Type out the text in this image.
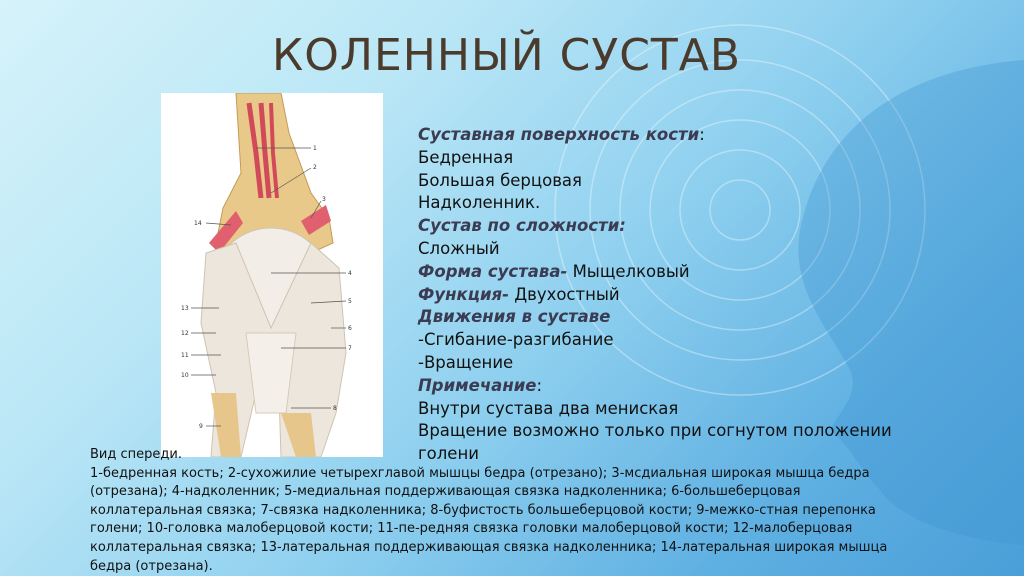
КОЛЕННЫЙ СУСТАВ
1
2
3
4
5
6
7
8
9
10
11
12
13
14
Суставная поверхность кости:
Бедренная
Большая берцовая
Надколенник.
Сустав по сложности:
Сложный
Форма сустава- Мыщелковый
Функция- Двухостный
Движения в суставе
-Сгибание-разгибание
-Вращение
Примечание:
Внутри сустава два мениская
Вращение возможно только при согнутом положении голени
Вид спереди.
1-бедренная кость; 2-сухожилие четырехглавой мышцы бедра (отрезано); 3-мсдиальная широкая мышца бедра (отрезана); 4-надколенник; 5-медиальная поддерживающая связка надколенника; 6-большеберцовая коллатеральная связка; 7-связка надколенника; 8-буфистость большеберцовой кости; 9-межко-стная перепонка голени; 10-головка малоберцовой кости; 11-пе-редняя связка головки малоберцовой кости; 12-малоберцовая коллатеральная связка; 13-латеральная поддерживающая связка надколенника; 14-латеральная широкая мышца бедра (отрезана).
